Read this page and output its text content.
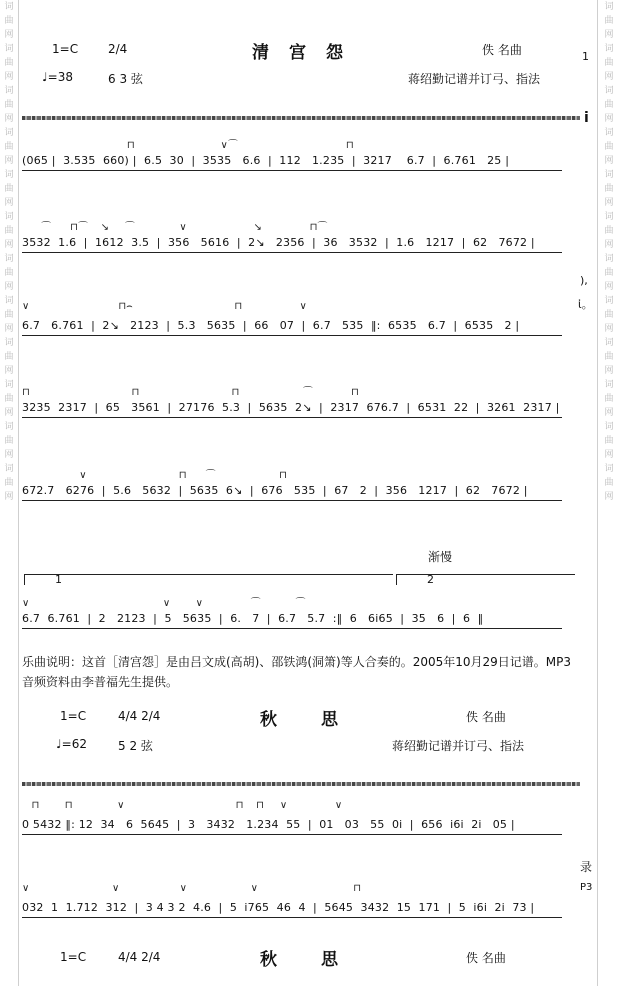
词曲网词曲网词曲网词曲网词曲网词曲网词曲网词曲网词曲网词曲网词曲网词曲网
词曲网词曲网词曲网词曲网词曲网词曲网词曲网词曲网词曲网词曲网词曲网词曲网
1
i
),
ἰ。
录
P3
1=C 2/4	清宫怨	佚 名曲
♩=38	6 3 弦	蒋绍勤记谱并订弓、指法
⊓                           ∨⌒                                  ⊓
(065 |  3.535  660) |  6.5  30  |  3535   6.6  |  112   1.235  |  3217    6.7  |  6.761   25 |
⌒      ⊓⌒    ↘     ⌒              ∨                     ↘               ⊓⌒
3532  1.6  |  1612  3.5  |  356   5616  |  2↘   2356  |  36   3532  |  1.6   1217  |  62   7672 |
∨                            ⊓⌢                                ⊓                  ∨
6.7   6.761  |  2↘   2123  |  5.3   5635  |  66   07  |  6.7   535  ‖:  6535   6.7  |  6535   2 |
⊓                                ⊓                             ⊓                    ⌒            ⊓
3235  2317  |  65   3561  |  27176  5.3  |  5635  2↘  |  2317  676.7  |  6531  22  |  3261  2317 |
∨                             ⊓      ⌒                    ⊓
672.7   6276  |  5.6   5632  |  5635  6↘  |  676   535  |  67   2  |  356   1217  |  62   7672 |
渐慢
1	2
∨                                          ∨        ∨               ⌒           ⌒
6.7  6.761  |  2   2123  |  5   5635  |  6.   7  |  6.7   5.7  :‖  6   6i65  |  35   6  |  6  ‖
乐曲说明：这首［清宫怨］是由吕文成(高胡)、邵铁鸿(洞箫)等人合奏的。2005年10月29日记谱。MP3音频资料由李普福先生提供。
1=C	4/4 2/4	秋思	佚 名曲
♩=62	5 2 弦	蒋绍勤记谱并订弓、指法
⊓        ⊓              ∨                                   ⊓    ⊓     ∨               ∨
0 5432 ‖: 12  34   6  5645  |  3   3432   1.234  55  |  01   03   55  0i  |  656  i6i  2i   05 |
∨                          ∨                   ∨                    ∨                              ⊓
032  1  1.712  312  |  3 4 3 2  4.6  |  5  i765  46  4  |  5645  3432  15  171  |  5  i6i  2i  73 |
1=C	4/4 2/4	秋思	佚 名曲
